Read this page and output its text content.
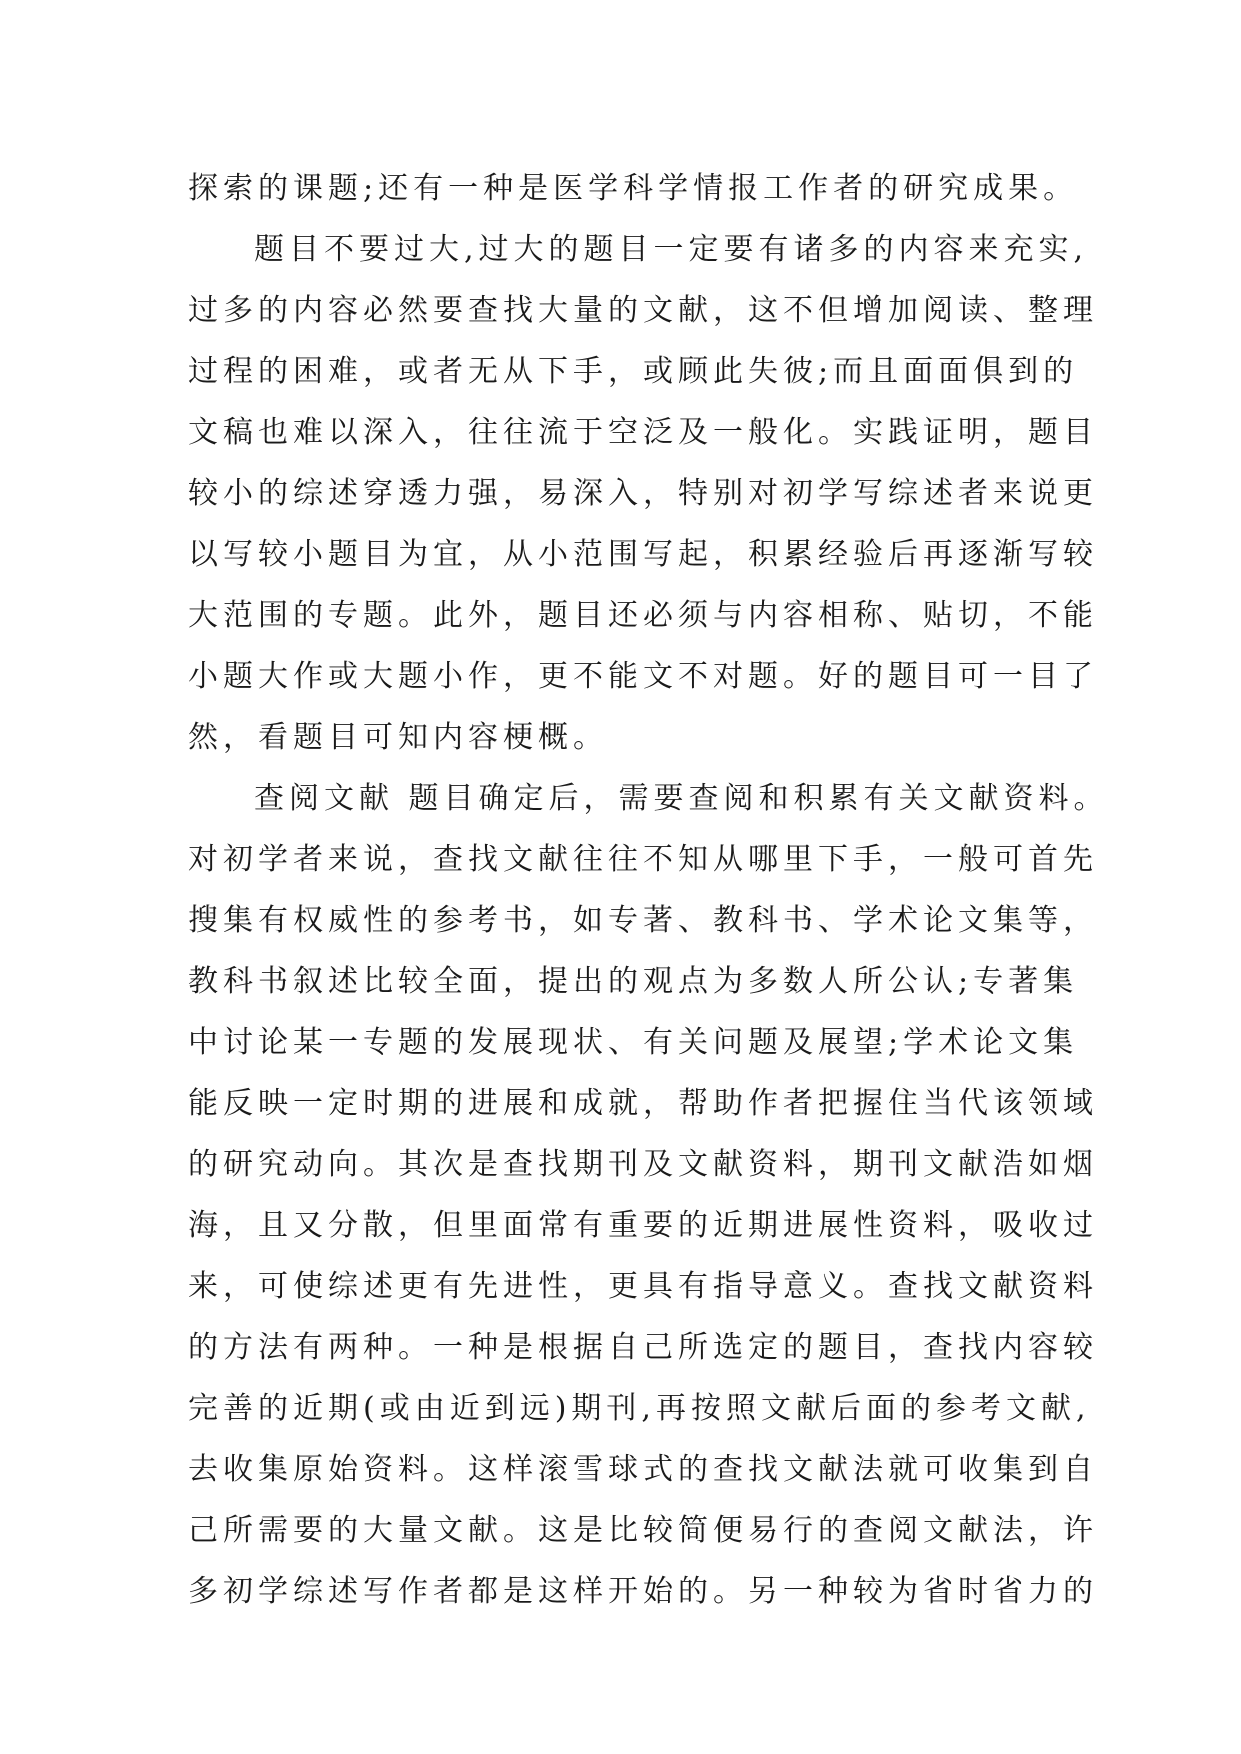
探索的课题;还有一种是医学科学情报工作者的研究成果。
题目不要过大,过大的题目一定要有诸多的内容来充实,
过多的内容必然要查找大量的文献，这不但增加阅读、整理
过程的困难，或者无从下手，或顾此失彼;而且面面俱到的
文稿也难以深入，往往流于空泛及一般化。实践证明，题目
较小的综述穿透力强，易深入，特别对初学写综述者来说更
以写较小题目为宜，从小范围写起，积累经验后再逐渐写较
大范围的专题。此外，题目还必须与内容相称、贴切，不能
小题大作或大题小作，更不能文不对题。好的题目可一目了
然，看题目可知内容梗概。
查阅文献 题目确定后，需要查阅和积累有关文献资料。
对初学者来说，查找文献往往不知从哪里下手，一般可首先
搜集有权威性的参考书，如专著、教科书、学术论文集等，
教科书叙述比较全面，提出的观点为多数人所公认;专著集
中讨论某一专题的发展现状、有关问题及展望;学术论文集
能反映一定时期的进展和成就，帮助作者把握住当代该领域
的研究动向。其次是查找期刊及文献资料，期刊文献浩如烟
海，且又分散，但里面常有重要的近期进展性资料，吸收过
来，可使综述更有先进性，更具有指导意义。查找文献资料
的方法有两种。一种是根据自己所选定的题目，查找内容较
完善的近期(或由近到远)期刊,再按照文献后面的参考文献,
去收集原始资料。这样滚雪球式的查找文献法就可收集到自
己所需要的大量文献。这是比较简便易行的查阅文献法，许
多初学综述写作者都是这样开始的。另一种较为省时省力的
